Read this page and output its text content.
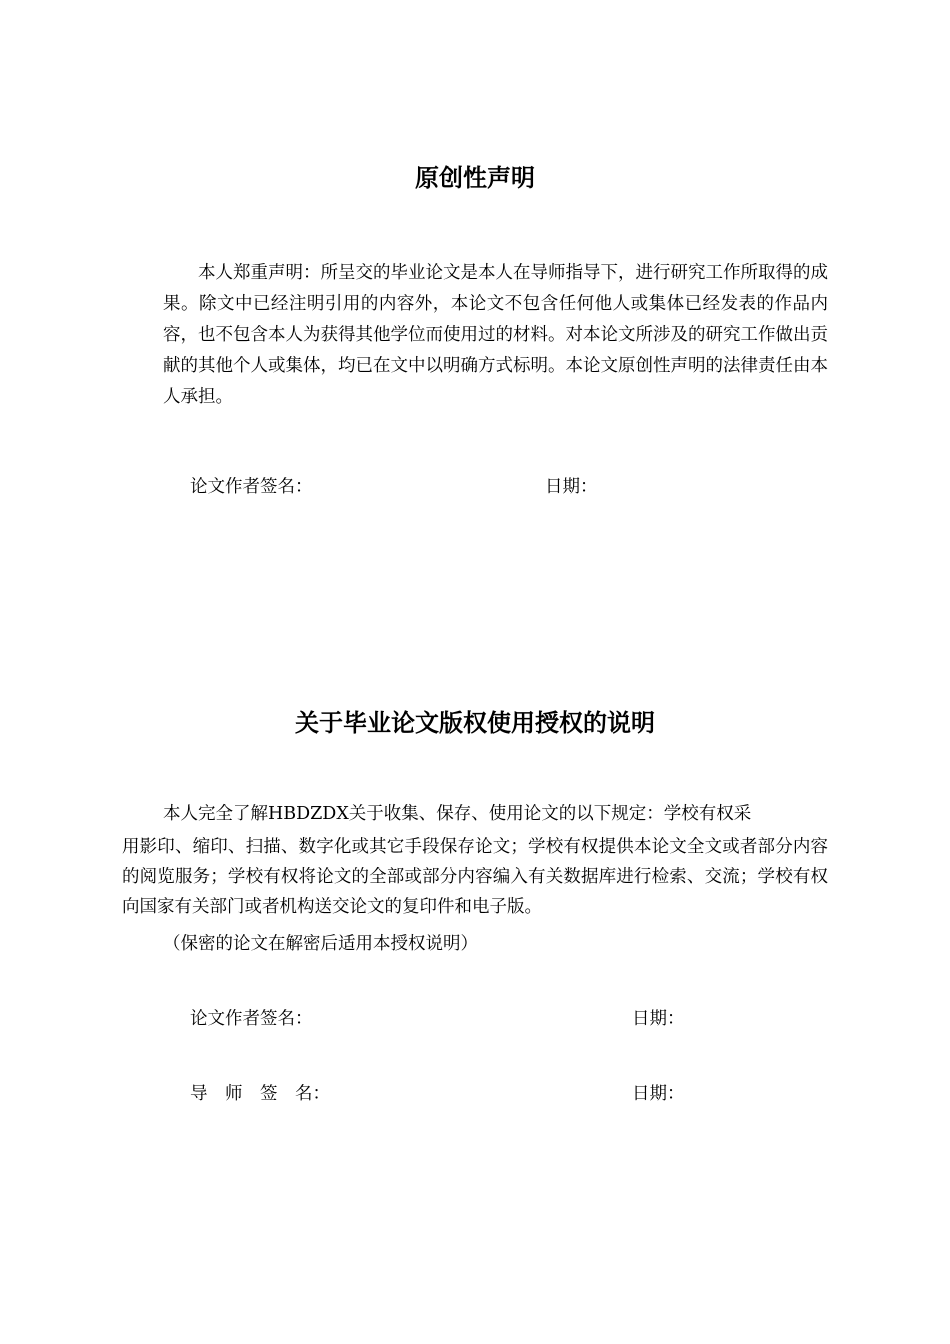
原创性声明

本人郑重声明：所呈交的毕业论文是本人在导师指导下，进行研究工作所取得的成果。除文中已经注明引用的内容外，本论文不包含任何他人或集体已经发表的作品内容，也不包含本人为获得其他学位而使用过的材料。对本论文所涉及的研究工作做出贡献的其他个人或集体，均已在文中以明确方式标明。本论文原创性声明的法律责任由本人承担。

论文作者签名：	日期：
关于毕业论文版权使用授权的说明
本人完全了解HBDZDX关于收集、保存、使用论文的以下规定：学校有权采

用影印、缩印、扫描、数字化或其它手段保存论文；学校有权提供本论文全文或者部分内容的阅览服务；学校有权将论文的全部或部分内容编入有关数据库进行检索、交流；学校有权向国家有关部门或者机构送交论文的复印件和电子版。

（保密的论文在解密后适用本授权说明）
论文作者签名：	日期：
导　师　签　名：	日期：
